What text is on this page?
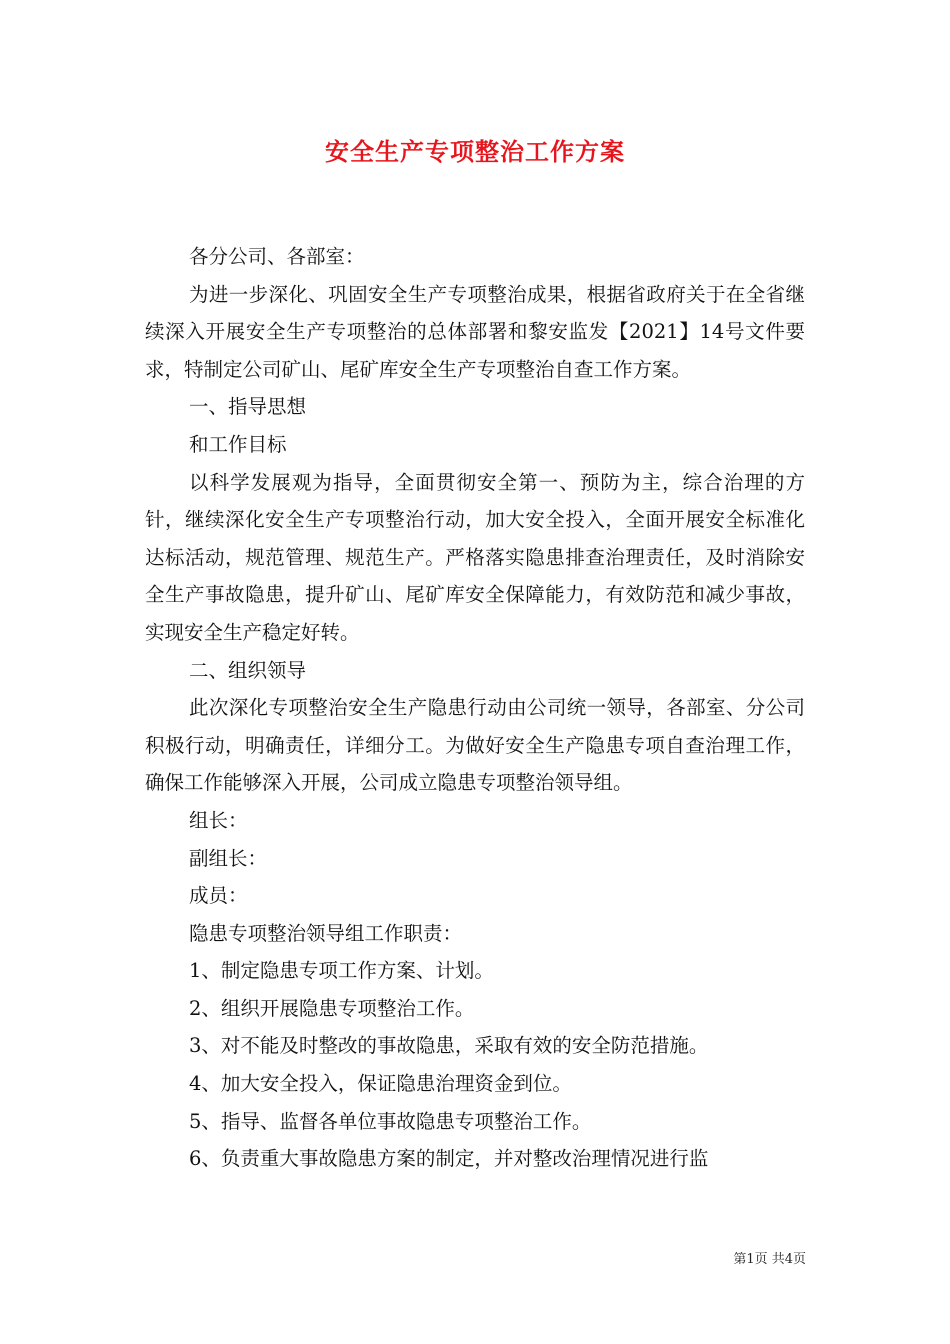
安全生产专项整治工作方案

各分公司、各部室：

为进一步深化、巩固安全生产专项整治成果，根据省政府关于在全省继续深入开展安全生产专项整治的总体部署和黎安监发【2021】14号文件要求，特制定公司矿山、尾矿库安全生产专项整治自查工作方案。

一、指导思想

和工作目标

以科学发展观为指导，全面贯彻安全第一、预防为主，综合治理的方针，继续深化安全生产专项整治行动，加大安全投入，全面开展安全标准化达标活动，规范管理、规范生产。严格落实隐患排查治理责任，及时消除安全生产事故隐患，提升矿山、尾矿库安全保障能力，有效防范和减少事故，实现安全生产稳定好转。

二、组织领导

此次深化专项整治安全生产隐患行动由公司统一领导，各部室、分公司积极行动，明确责任，详细分工。为做好安全生产隐患专项自查治理工作，确保工作能够深入开展，公司成立隐患专项整治领导组。

组长：

副组长：

成员：

隐患专项整治领导组工作职责：

1、制定隐患专项工作方案、计划。

2、组织开展隐患专项整治工作。

3、对不能及时整改的事故隐患，采取有效的安全防范措施。

4、加大安全投入，保证隐患治理资金到位。

5、指导、监督各单位事故隐患专项整治工作。

6、负责重大事故隐患方案的制定，并对整改治理情况进行监

第1页 共4页
